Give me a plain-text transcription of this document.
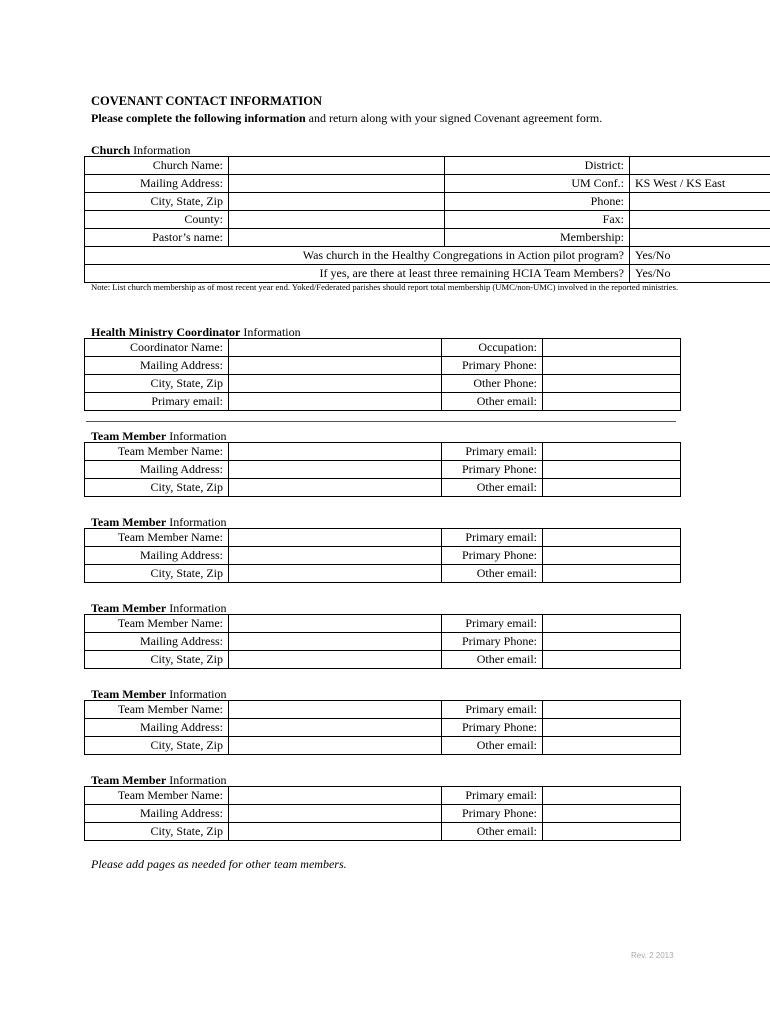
COVENANT CONTACT INFORMATION
Please complete the following information and return along with your signed Covenant agreement form.
Church Information
Church Name:		District:	
Mailing Address:		UM Conf.:	KS West / KS East
City, State, Zip		Phone:	
County:		Fax:	
Pastor’s name:		Membership:	
Was church in the Healthy Congregations in Action pilot program?			Yes/No
If yes, are there at least three remaining HCIA Team Members?			Yes/No
Note: List church membership as of most recent year end. Yoked/Federated parishes should report total membership (UMC/non-UMC) involved in the reported ministries.
Health Ministry Coordinator Information
Coordinator Name:		Occupation:	
Mailing Address:		Primary Phone:	
City, State, Zip		Other Phone:	
Primary email:		Other email:	
Team Member Information
Team Member Name:		Primary email:	
Mailing Address:		Primary Phone:	
City, State, Zip		Other email:	
Team Member Information
Team Member Name:		Primary email:	
Mailing Address:		Primary Phone:	
City, State, Zip		Other email:	
Team Member Information
Team Member Name:		Primary email:	
Mailing Address:		Primary Phone:	
City, State, Zip		Other email:	
Team Member Information
Team Member Name:		Primary email:	
Mailing Address:		Primary Phone:	
City, State, Zip		Other email:	
Team Member Information
Team Member Name:		Primary email:	
Mailing Address:		Primary Phone:	
City, State, Zip		Other email:	
Please add pages as needed for other team members.
Rev. 2 2013
